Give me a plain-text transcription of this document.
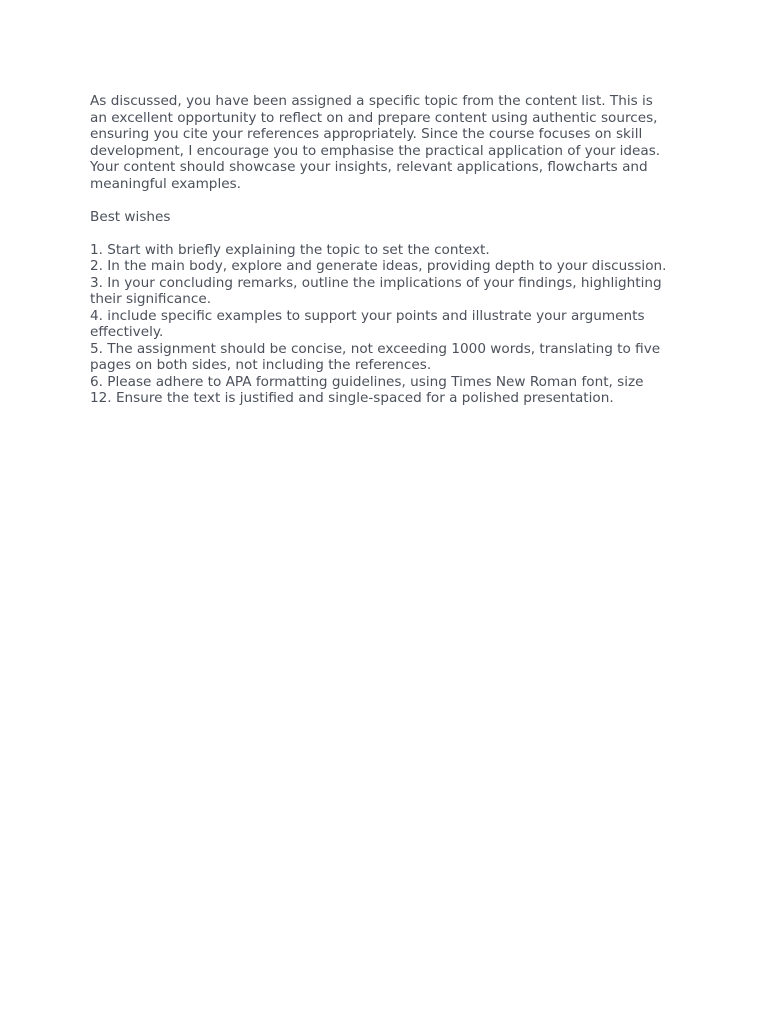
As discussed, you have been assigned a specific topic from the content list. This is
an excellent opportunity to reflect on and prepare content using authentic sources,
ensuring you cite your references appropriately. Since the course focuses on skill
development, I encourage you to emphasise the practical application of your ideas.
Your content should showcase your insights, relevant applications, flowcharts and
meaningful examples.
Best wishes
1. Start with briefly explaining the topic to set the context.
2. In the main body, explore and generate ideas, providing depth to your discussion.
3. In your concluding remarks, outline the implications of your findings, highlighting
their significance.
4. include specific examples to support your points and illustrate your arguments
effectively.
5. The assignment should be concise, not exceeding 1000 words, translating to five
pages on both sides, not including the references.
6. Please adhere to APA formatting guidelines, using Times New Roman font, size
12. Ensure the text is justified and single-spaced for a polished presentation.
